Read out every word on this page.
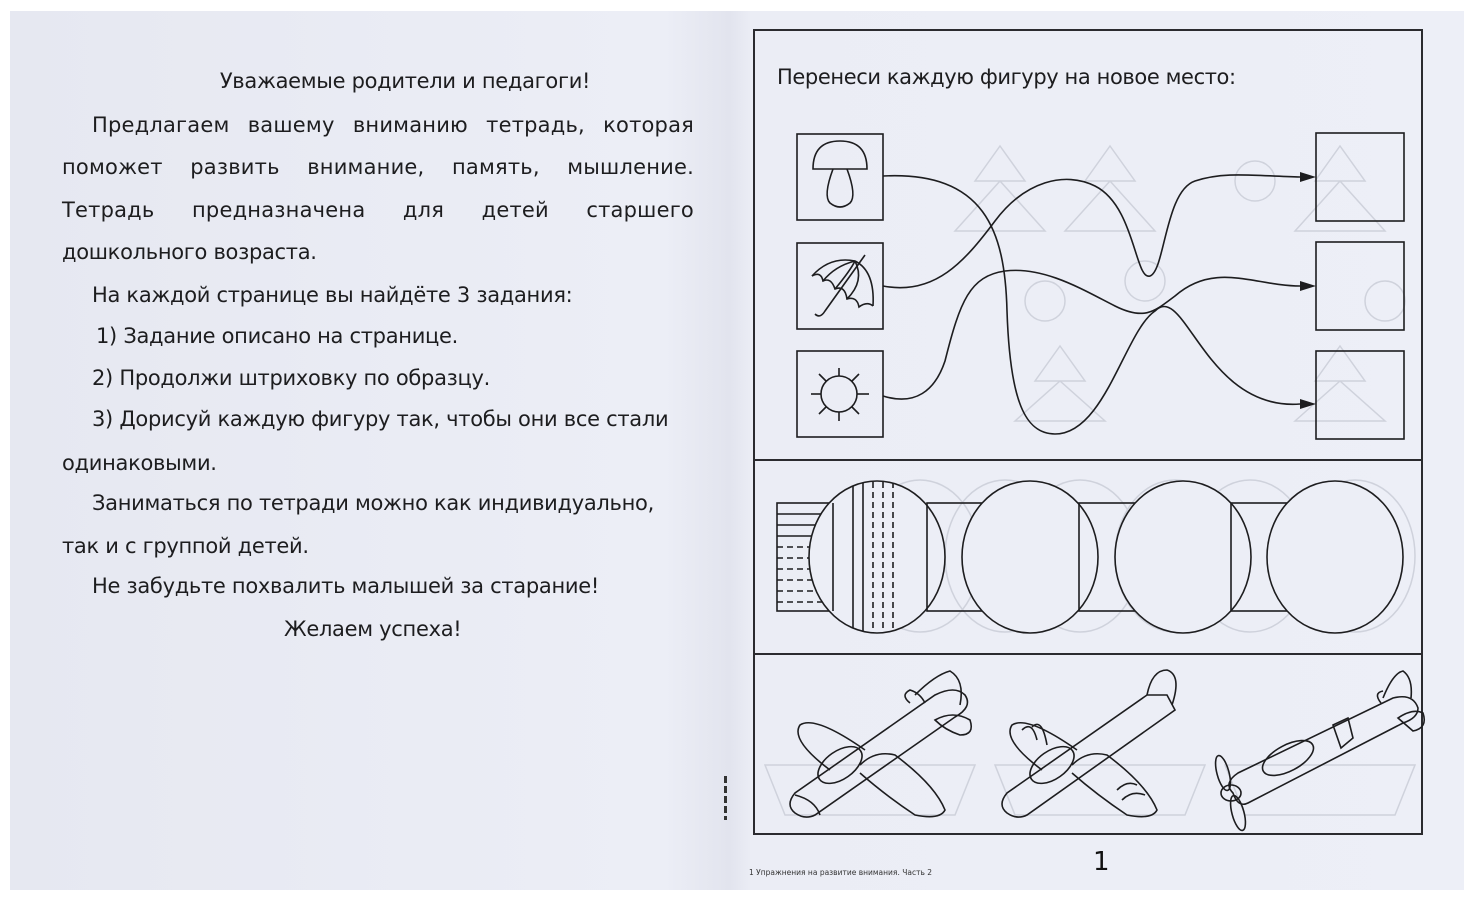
Уважаемые родители и педагоги!
Предлагаем вашему вниманию тетрадь, которая
поможет развить внимание, память, мышление.
Тетрадь предназначена для детей старшего
дошкольного возраста.
На каждой странице вы найдёте 3 задания:
1) Задание описано на странице.
2) Продолжи штриховку по образцу.
3) Дорисуй каждую фигуру так, чтобы они все стали
одинаковыми.
Заниматься по тетради можно как индивидуально,
так и с группой детей.
Не забудьте похвалить малышей за старание!
Желаем успеха!
Перенеси каждую фигуру на новое место:
1 Упражнения на развитие внимания. Часть 2	1
